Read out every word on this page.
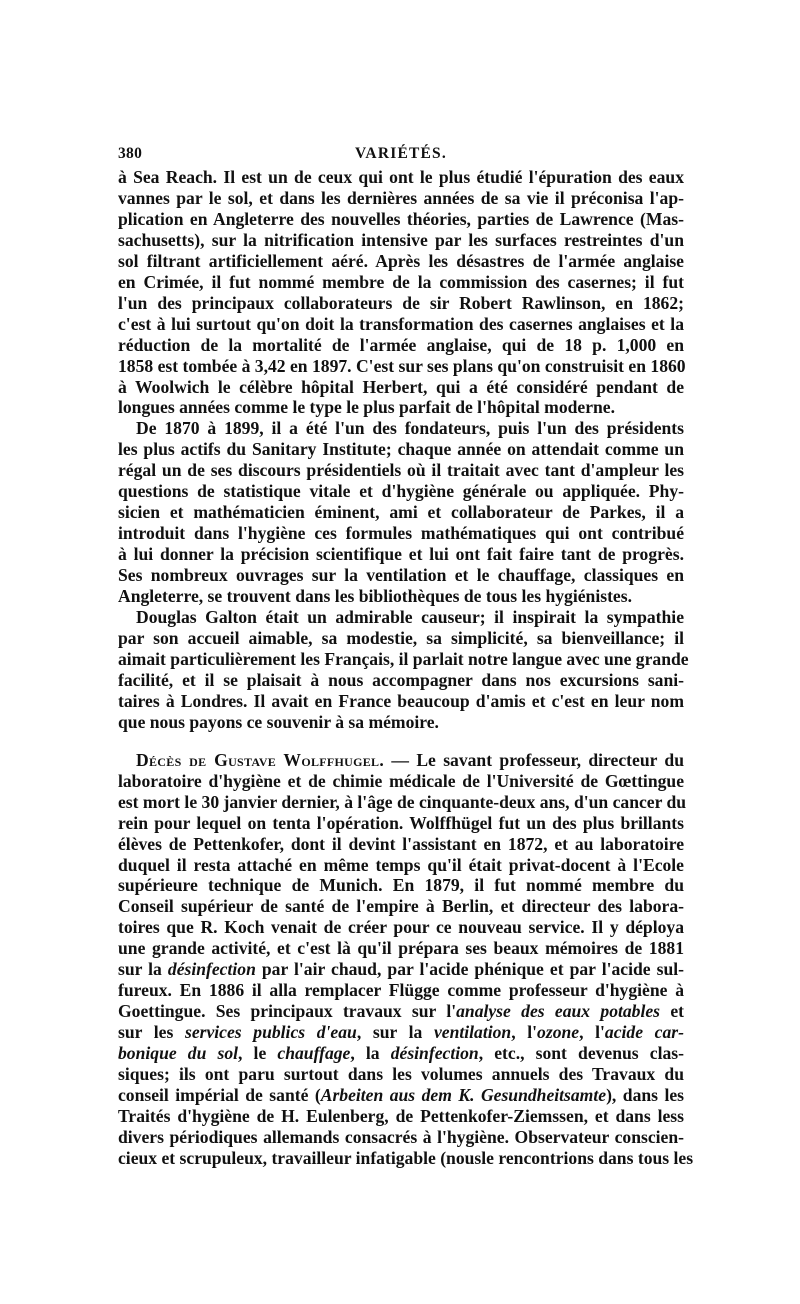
380	VARIÉTÉS.
à Sea Reach. Il est un de ceux qui ont le plus étudié l'épuration des eaux
vannes par le sol, et dans les dernières années de sa vie il préconisa l'ap-
plication en Angleterre des nouvelles théories, parties de Lawrence (Mas-
sachusetts), sur la nitrification intensive par les surfaces restreintes d'un
sol filtrant artificiellement aéré. Après les désastres de l'armée anglaise
en Crimée, il fut nommé membre de la commission des casernes; il fut
l'un des principaux collaborateurs de sir Robert Rawlinson, en 1862;
c'est à lui surtout qu'on doit la transformation des casernes anglaises et la
réduction de la mortalité de l'armée anglaise, qui de 18 p. 1,000 en
1858 est tombée à 3,42 en 1897. C'est sur ses plans qu'on construisit en 1860
à Woolwich le célèbre hôpital Herbert, qui a été considéré pendant de
longues années comme le type le plus parfait de l'hôpital moderne.
De 1870 à 1899, il a été l'un des fondateurs, puis l'un des présidents
les plus actifs du Sanitary Institute; chaque année on attendait comme un
régal un de ses discours présidentiels où il traitait avec tant d'ampleur les
questions de statistique vitale et d'hygiène générale ou appliquée. Phy-
sicien et mathématicien éminent, ami et collaborateur de Parkes, il a
introduit dans l'hygiène ces formules mathématiques qui ont contribué
à lui donner la précision scientifique et lui ont fait faire tant de progrès.
Ses nombreux ouvrages sur la ventilation et le chauffage, classiques en
Angleterre, se trouvent dans les bibliothèques de tous les hygiénistes.
Douglas Galton était un admirable causeur; il inspirait la sympathie
par son accueil aimable, sa modestie, sa simplicité, sa bienveillance; il
aimait particulièrement les Français, il parlait notre langue avec une grande
facilité, et il se plaisait à nous accompagner dans nos excursions sani-
taires à Londres. Il avait en France beaucoup d'amis et c'est en leur nom
que nous payons ce souvenir à sa mémoire.
Décès de Gustave Wolffhugel. — Le savant professeur, directeur du
laboratoire d'hygiène et de chimie médicale de l'Université de Gœttingue
est mort le 30 janvier dernier, à l'âge de cinquante-deux ans, d'un cancer du
rein pour lequel on tenta l'opération. Wolffhügel fut un des plus brillants
élèves de Pettenkofer, dont il devint l'assistant en 1872, et au laboratoire
duquel il resta attaché en même temps qu'il était privat-docent à l'Ecole
supérieure technique de Munich. En 1879, il fut nommé membre du
Conseil supérieur de santé de l'empire à Berlin, et directeur des labora-
toires que R. Koch venait de créer pour ce nouveau service. Il y déploya
une grande activité, et c'est là qu'il prépara ses beaux mémoires de 1881
sur la désinfection par l'air chaud, par l'acide phénique et par l'acide sul-
fureux. En 1886 il alla remplacer Flügge comme professeur d'hygiène à
Goettingue. Ses principaux travaux sur l'analyse des eaux potables et
sur les services publics d'eau, sur la ventilation, l'ozone, l'acide car-
bonique du sol, le chauffage, la désinfection, etc., sont devenus clas-
siques; ils ont paru surtout dans les volumes annuels des Travaux du
conseil impérial de santé (Arbeiten aus dem K. Gesundheitsamte), dans les
Traités d'hygiène de H. Eulenberg, de Pettenkofer-Ziemssen, et dans less
divers périodiques allemands consacrés à l'hygiène. Observateur conscien-
cieux et scrupuleux, travailleur infatigable (nousle rencontrions dans tous les
